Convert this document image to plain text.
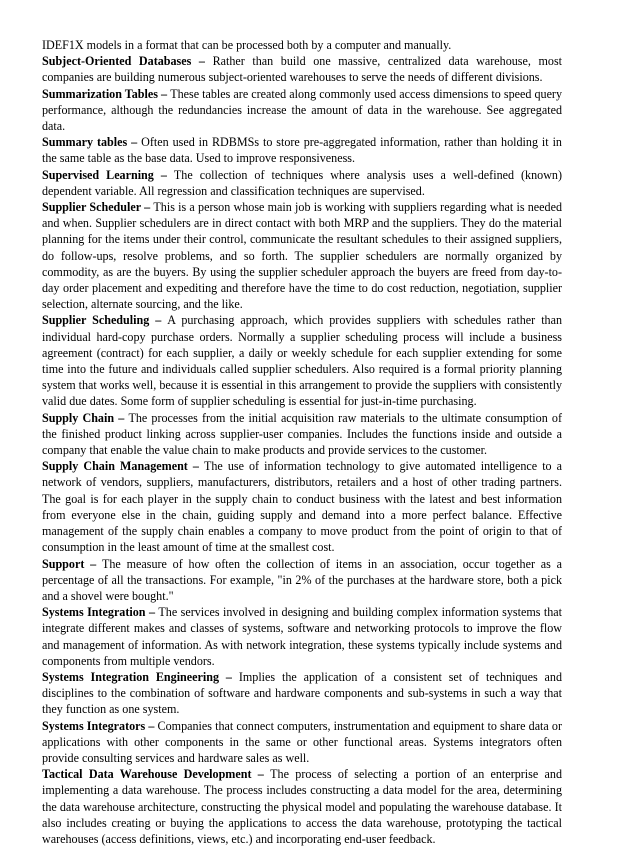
IDEF1X models in a format that can be processed both by a computer and manually.

Subject-Oriented Databases – Rather than build one massive, centralized data warehouse, most companies are building numerous subject-oriented warehouses to serve the needs of different divisions.

Summarization Tables – These tables are created along commonly used access dimensions to speed query performance, although the redundancies increase the amount of data in the warehouse. See aggregated data.

Summary tables – Often used in RDBMSs to store pre-aggregated information, rather than holding it in the same table as the base data. Used to improve responsiveness.

Supervised Learning – The collection of techniques where analysis uses a well-defined (known) dependent variable. All regression and classification techniques are supervised.

Supplier Scheduler – This is a person whose main job is working with suppliers regarding what is needed and when. Supplier schedulers are in direct contact with both MRP and the suppliers. They do the material planning for the items under their control, communicate the resultant schedules to their assigned suppliers, do follow-ups, resolve problems, and so forth. The supplier schedulers are normally organized by commodity, as are the buyers. By using the supplier scheduler approach the buyers are freed from day-to-day order placement and expediting and therefore have the time to do cost reduction, negotiation, supplier selection, alternate sourcing, and the like.

Supplier Scheduling – A purchasing approach, which provides suppliers with schedules rather than individual hard-copy purchase orders. Normally a supplier scheduling process will include a business agreement (contract) for each supplier, a daily or weekly schedule for each supplier extending for some time into the future and individuals called supplier schedulers. Also required is a formal priority planning system that works well, because it is essential in this arrangement to provide the suppliers with consistently valid due dates. Some form of supplier scheduling is essential for just-in-time purchasing.

Supply Chain – The processes from the initial acquisition raw materials to the ultimate consumption of the finished product linking across supplier-user companies. Includes the functions inside and outside a company that enable the value chain to make products and provide services to the customer.

Supply Chain Management – The use of information technology to give automated intelligence to a network of vendors, suppliers, manufacturers, distributors, retailers and a host of other trading partners. The goal is for each player in the supply chain to conduct business with the latest and best information from everyone else in the chain, guiding supply and demand into a more perfect balance. Effective management of the supply chain enables a company to move product from the point of origin to that of consumption in the least amount of time at the smallest cost.

Support – The measure of how often the collection of items in an association, occur together as a percentage of all the transactions. For example, "in 2% of the purchases at the hardware store, both a pick and a shovel were bought."

Systems Integration – The services involved in designing and building complex information systems that integrate different makes and classes of systems, software and networking protocols to improve the flow and management of information. As with network integration, these systems typically include systems and components from multiple vendors.

Systems Integration Engineering – Implies the application of a consistent set of techniques and disciplines to the combination of software and hardware components and sub-systems in such a way that they function as one system.

Systems Integrators – Companies that connect computers, instrumentation and equipment to share data or applications with other components in the same or other functional areas. Systems integrators often provide consulting services and hardware sales as well.

Tactical Data Warehouse Development – The process of selecting a portion of an enterprise and implementing a data warehouse. The process includes constructing a data model for the area, determining the data warehouse architecture, constructing the physical model and populating the warehouse database. It also includes creating or buying the applications to access the data warehouse, prototyping the tactical warehouses (access definitions, views, etc.) and incorporating end-user feedback.
